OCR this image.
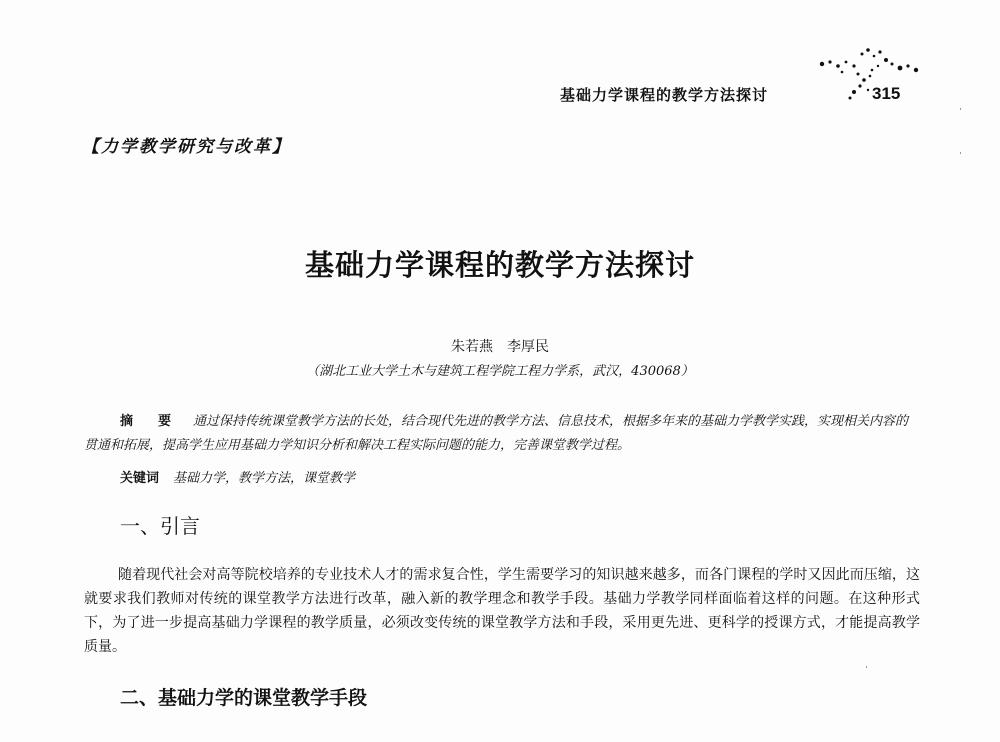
基础力学课程的教学方法探讨	315
【力学教学研究与改革】
基础力学课程的教学方法探讨
朱若燕　李厚民
（湖北工业大学土木与建筑工程学院工程力学系，武汉，430068）
摘　要 通过保持传统课堂教学方法的长处，结合现代先进的教学方法、信息技术，根据多年来的基础力学教学实践，实现相关内容的贯通和拓展，提高学生应用基础力学知识分析和解决工程实际问题的能力，完善课堂教学过程。
关键词 基础力学，教学方法，课堂教学
一、引言
随着现代社会对高等院校培养的专业技术人才的需求复合性，学生需要学习的知识越来越多，而各门课程的学时又因此而压缩，这就要求我们教师对传统的课堂教学方法进行改革，融入新的教学理念和教学手段。基础力学教学同样面临着这样的问题。在这种形式下，为了进一步提高基础力学课程的教学质量，必须改变传统的课堂教学方法和手段，采用更先进、更科学的授课方式，才能提高教学质量。
二、基础力学的课堂教学手段
